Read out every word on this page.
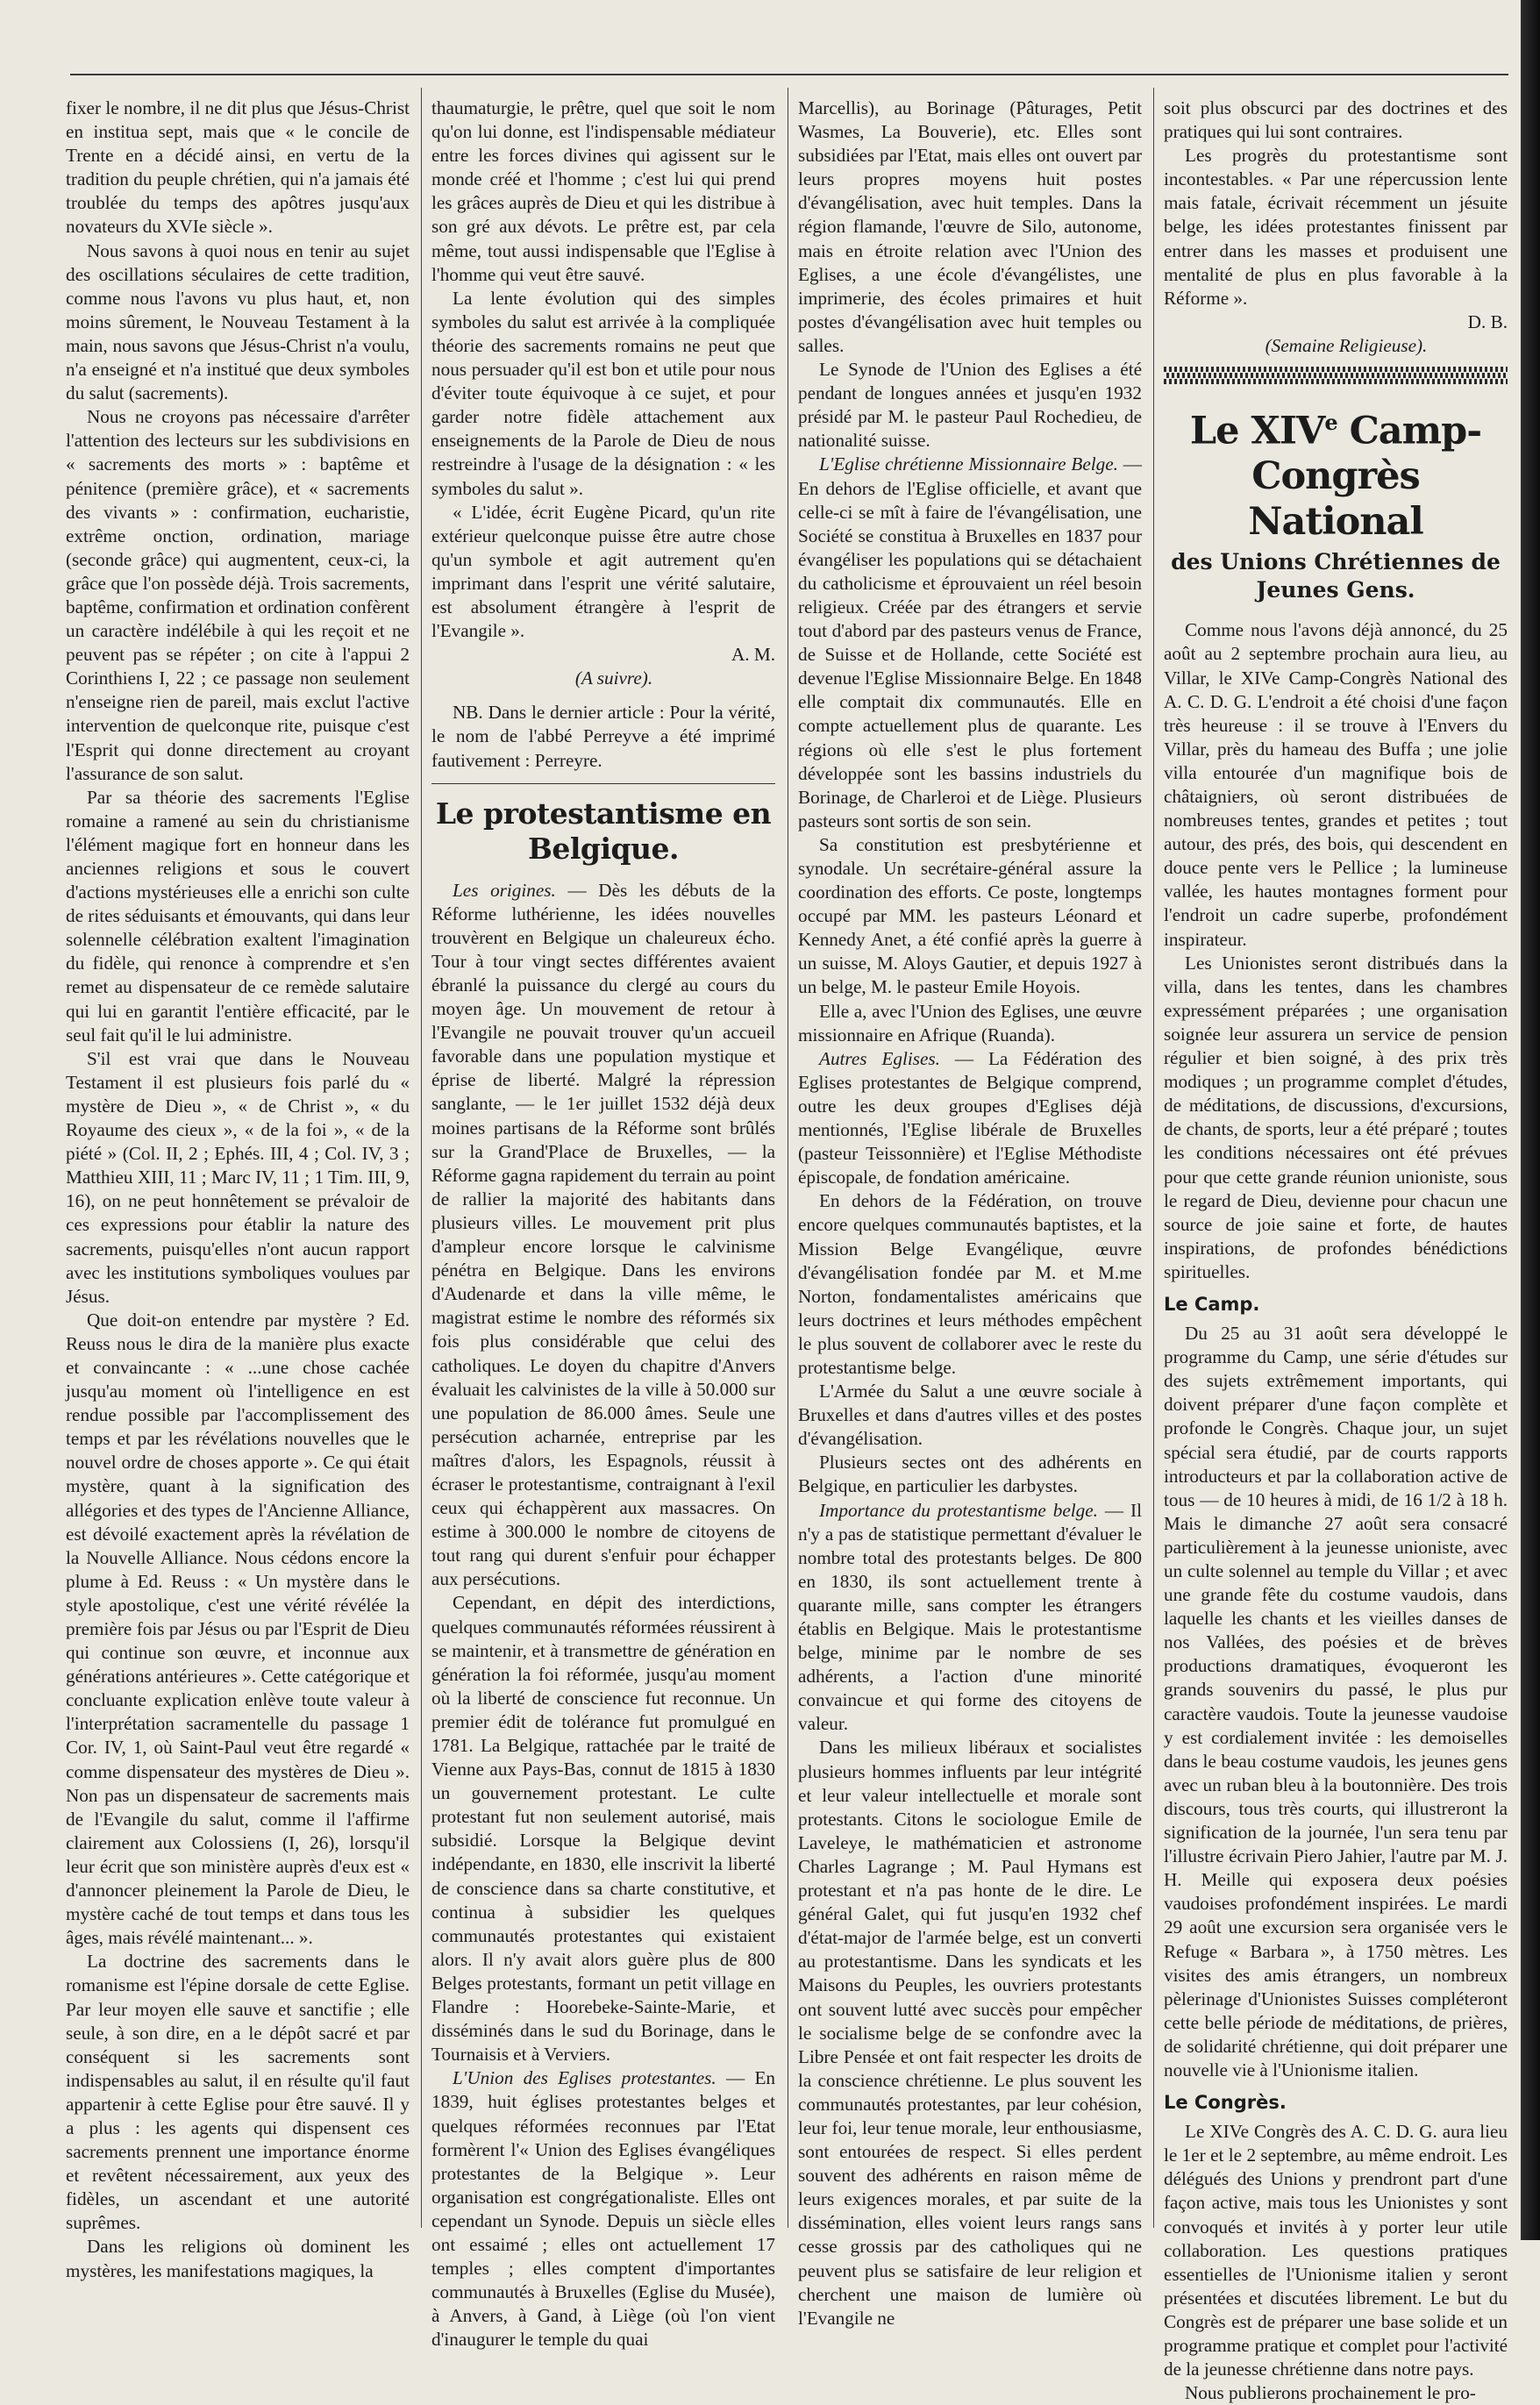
fixer le nombre, il ne dit plus que Jésus-Christ en institua sept, mais que « le concile de Trente en a décidé ainsi, en vertu de la tradition du peuple chrétien, qui n'a jamais été troublée du temps des apôtres jusqu'aux novateurs du XVIe siècle ».

Nous savons à quoi nous en tenir au sujet des oscillations séculaires de cette tradition, comme nous l'avons vu plus haut, et, non moins sûrement, le Nouveau Testament à la main, nous savons que Jésus-Christ n'a voulu, n'a enseigné et n'a institué que deux symboles du salut (sacrements).

Nous ne croyons pas nécessaire d'arrêter l'attention des lecteurs sur les subdivisions en « sacrements des morts » : baptême et pénitence (première grâce), et « sacrements des vivants » : confirmation, eucharistie, extrême onction, ordination, mariage (seconde grâce) qui augmentent, ceux-ci, la grâce que l'on possède déjà. Trois sacrements, baptême, confirmation et ordination confèrent un caractère indélébile à qui les reçoit et ne peuvent pas se répéter ; on cite à l'appui 2 Corinthiens I, 22 ; ce passage non seulement n'enseigne rien de pareil, mais exclut l'active intervention de quelconque rite, puisque c'est l'Esprit qui donne directement au croyant l'assurance de son salut.

Par sa théorie des sacrements l'Eglise romaine a ramené au sein du christianisme l'élément magique fort en honneur dans les anciennes religions et sous le couvert d'actions mystérieuses elle a enrichi son culte de rites séduisants et émouvants, qui dans leur solennelle célébration exaltent l'imagination du fidèle, qui renonce à comprendre et s'en remet au dispensateur de ce remède salutaire qui lui en garantit l'entière efficacité, par le seul fait qu'il le lui administre.

S'il est vrai que dans le Nouveau Testament il est plusieurs fois parlé du « mystère de Dieu », « de Christ », « du Royaume des cieux », « de la foi », « de la piété » (Col. II, 2 ; Ephés. III, 4 ; Col. IV, 3 ; Matthieu XIII, 11 ; Marc IV, 11 ; 1 Tim. III, 9, 16), on ne peut honnêtement se prévaloir de ces expressions pour établir la nature des sacrements, puisqu'elles n'ont aucun rapport avec les institutions symboliques voulues par Jésus.

Que doit-on entendre par mystère ? Ed. Reuss nous le dira de la manière plus exacte et convaincante : « ...une chose cachée jusqu'au moment où l'intelligence en est rendue possible par l'accomplissement des temps et par les révélations nouvelles que le nouvel ordre de choses apporte ». Ce qui était mystère, quant à la signification des allégories et des types de l'Ancienne Alliance, est dévoilé exactement après la révélation de la Nouvelle Alliance. Nous cédons encore la plume à Ed. Reuss : « Un mystère dans le style apostolique, c'est une vérité révélée la première fois par Jésus ou par l'Esprit de Dieu qui continue son œuvre, et inconnue aux générations antérieures ». Cette catégorique et concluante explication enlève toute valeur à l'interprétation sacramentelle du passage 1 Cor. IV, 1, où Saint-Paul veut être regardé « comme dispensateur des mystères de Dieu ». Non pas un dispensateur de sacrements mais de l'Evangile du salut, comme il l'affirme clairement aux Colossiens (I, 26), lorsqu'il leur écrit que son ministère auprès d'eux est « d'annoncer pleinement la Parole de Dieu, le mystère caché de tout temps et dans tous les âges, mais révélé maintenant... ».

La doctrine des sacrements dans le romanisme est l'épine dorsale de cette Eglise. Par leur moyen elle sauve et sanctifie ; elle seule, à son dire, en a le dépôt sacré et par conséquent si les sacrements sont indispensables au salut, il en résulte qu'il faut appartenir à cette Eglise pour être sauvé. Il y a plus : les agents qui dispensent ces sacrements prennent une importance énorme et revêtent nécessairement, aux yeux des fidèles, un ascendant et une autorité suprêmes.

Dans les religions où dominent les mystères, les manifestations magiques, la

thaumaturgie, le prêtre, quel que soit le nom qu'on lui donne, est l'indispensable médiateur entre les forces divines qui agissent sur le monde créé et l'homme ; c'est lui qui prend les grâces auprès de Dieu et qui les distribue à son gré aux dévots. Le prêtre est, par cela même, tout aussi indispensable que l'Eglise à l'homme qui veut être sauvé.

La lente évolution qui des simples symboles du salut est arrivée à la compliquée théorie des sacrements romains ne peut que nous persuader qu'il est bon et utile pour nous d'éviter toute équivoque à ce sujet, et pour garder notre fidèle attachement aux enseignements de la Parole de Dieu de nous restreindre à l'usage de la désignation : « les symboles du salut ».

« L'idée, écrit Eugène Picard, qu'un rite extérieur quelconque puisse être autre chose qu'un symbole et agit autrement qu'en imprimant dans l'esprit une vérité salutaire, est absolument étrangère à l'esprit de l'Evangile ».

A. M.

(A suivre).

NB. Dans le dernier article : Pour la vérité, le nom de l'abbé Perreyve a été imprimé fautivement : Perreyre.

Le protestantisme en Belgique.

Les origines. — Dès les débuts de la Réforme luthérienne, les idées nouvelles trouvèrent en Belgique un chaleureux écho. Tour à tour vingt sectes différentes avaient ébranlé la puissance du clergé au cours du moyen âge. Un mouvement de retour à l'Evangile ne pouvait trouver qu'un accueil favorable dans une population mystique et éprise de liberté. Malgré la répression sanglante, — le 1er juillet 1532 déjà deux moines partisans de la Réforme sont brûlés sur la Grand'Place de Bruxelles, — la Réforme gagna rapidement du terrain au point de rallier la majorité des habitants dans plusieurs villes. Le mouvement prit plus d'ampleur encore lorsque le calvinisme pénétra en Belgique. Dans les environs d'Audenarde et dans la ville même, le magistrat estime le nombre des réformés six fois plus considérable que celui des catholiques. Le doyen du chapitre d'Anvers évaluait les calvinistes de la ville à 50.000 sur une population de 86.000 âmes. Seule une persécution acharnée, entreprise par les maîtres d'alors, les Espagnols, réussit à écraser le protestantisme, contraignant à l'exil ceux qui échappèrent aux massacres. On estime à 300.000 le nombre de citoyens de tout rang qui durent s'enfuir pour échapper aux persécutions.

Cependant, en dépit des interdictions, quelques communautés réformées réussirent à se maintenir, et à transmettre de génération en génération la foi réformée, jusqu'au moment où la liberté de conscience fut reconnue. Un premier édit de tolérance fut promulgué en 1781. La Belgique, rattachée par le traité de Vienne aux Pays-Bas, connut de 1815 à 1830 un gouvernement protestant. Le culte protestant fut non seulement autorisé, mais subsidié. Lorsque la Belgique devint indépendante, en 1830, elle inscrivit la liberté de conscience dans sa charte constitutive, et continua à subsidier les quelques communautés protestantes qui existaient alors. Il n'y avait alors guère plus de 800 Belges protestants, formant un petit village en Flandre : Hoorebeke-Sainte-Marie, et disséminés dans le sud du Borinage, dans le Tournaisis et à Verviers.

L'Union des Eglises protestantes. — En 1839, huit églises protestantes belges et quelques réformées reconnues par l'Etat formèrent l'« Union des Eglises évangéliques protestantes de la Belgique ». Leur organisation est congrégationaliste. Elles ont cependant un Synode. Depuis un siècle elles ont essaimé ; elles ont actuellement 17 temples ; elles comptent d'importantes communautés à Bruxelles (Eglise du Musée), à Anvers, à Gand, à Liège (où l'on vient d'inaugurer le temple du quai

Marcellis), au Borinage (Pâturages, Petit Wasmes, La Bouverie), etc. Elles sont subsidiées par l'Etat, mais elles ont ouvert par leurs propres moyens huit postes d'évangélisation, avec huit temples. Dans la région flamande, l'œuvre de Silo, autonome, mais en étroite relation avec l'Union des Eglises, a une école d'évangélistes, une imprimerie, des écoles primaires et huit postes d'évangélisation avec huit temples ou salles.

Le Synode de l'Union des Eglises a été pendant de longues années et jusqu'en 1932 présidé par M. le pasteur Paul Rochedieu, de nationalité suisse.

L'Eglise chrétienne Missionnaire Belge. — En dehors de l'Eglise officielle, et avant que celle-ci se mît à faire de l'évangélisation, une Société se constitua à Bruxelles en 1837 pour évangéliser les populations qui se détachaient du catholicisme et éprouvaient un réel besoin religieux. Créée par des étrangers et servie tout d'abord par des pasteurs venus de France, de Suisse et de Hollande, cette Société est devenue l'Eglise Missionnaire Belge. En 1848 elle comptait dix communautés. Elle en compte actuellement plus de quarante. Les régions où elle s'est le plus fortement développée sont les bassins industriels du Borinage, de Charleroi et de Liège. Plusieurs pasteurs sont sortis de son sein.

Sa constitution est presbytérienne et synodale. Un secrétaire-général assure la coordination des efforts. Ce poste, longtemps occupé par MM. les pasteurs Léonard et Kennedy Anet, a été confié après la guerre à un suisse, M. Aloys Gautier, et depuis 1927 à un belge, M. le pasteur Emile Hoyois.

Elle a, avec l'Union des Eglises, une œuvre missionnaire en Afrique (Ruanda).

Autres Eglises. — La Fédération des Eglises protestantes de Belgique comprend, outre les deux groupes d'Eglises déjà mentionnés, l'Eglise libérale de Bruxelles (pasteur Teissonnière) et l'Eglise Méthodiste épiscopale, de fondation américaine.

En dehors de la Fédération, on trouve encore quelques communautés baptistes, et la Mission Belge Evangélique, œuvre d'évangélisation fondée par M. et M.me Norton, fondamentalistes américains que leurs doctrines et leurs méthodes empêchent le plus souvent de collaborer avec le reste du protestantisme belge.

L'Armée du Salut a une œuvre sociale à Bruxelles et dans d'autres villes et des postes d'évangélisation.

Plusieurs sectes ont des adhérents en Belgique, en particulier les darbystes.

Importance du protestantisme belge. — Il n'y a pas de statistique permettant d'évaluer le nombre total des protestants belges. De 800 en 1830, ils sont actuellement trente à quarante mille, sans compter les étrangers établis en Belgique. Mais le protestantisme belge, minime par le nombre de ses adhérents, a l'action d'une minorité convaincue et qui forme des citoyens de valeur.

Dans les milieux libéraux et socialistes plusieurs hommes influents par leur intégrité et leur valeur intellectuelle et morale sont protestants. Citons le sociologue Emile de Laveleye, le mathématicien et astronome Charles Lagrange ; M. Paul Hymans est protestant et n'a pas honte de le dire. Le général Galet, qui fut jusqu'en 1932 chef d'état-major de l'armée belge, est un converti au protestantisme. Dans les syndicats et les Maisons du Peuples, les ouvriers protestants ont souvent lutté avec succès pour empêcher le socialisme belge de se confondre avec la Libre Pensée et ont fait respecter les droits de la conscience chrétienne. Le plus souvent les communautés protestantes, par leur cohésion, leur foi, leur tenue morale, leur enthousiasme, sont entourées de respect. Si elles perdent souvent des adhérents en raison même de leurs exigences morales, et par suite de la dissémination, elles voient leurs rangs sans cesse grossis par des catholiques qui ne peuvent plus se satisfaire de leur religion et cherchent une maison de lumière où l'Evangile ne

soit plus obscurci par des doctrines et des pratiques qui lui sont contraires.

Les progrès du protestantisme sont incontestables. « Par une répercussion lente mais fatale, écrivait récemment un jésuite belge, les idées protestantes finissent par entrer dans les masses et produisent une mentalité de plus en plus favorable à la Réforme ».

D. B.

(Semaine Religieuse).

Le XIVe Camp-Congrès National
des Unions Chrétiennes de Jeunes Gens.

Comme nous l'avons déjà annoncé, du 25 août au 2 septembre prochain aura lieu, au Villar, le XIVe Camp-Congrès National des A. C. D. G. L'endroit a été choisi d'une façon très heureuse : il se trouve à l'Envers du Villar, près du hameau des Buffa ; une jolie villa entourée d'un magnifique bois de châtaigniers, où seront distribuées de nombreuses tentes, grandes et petites ; tout autour, des prés, des bois, qui descendent en douce pente vers le Pellice ; la lumineuse vallée, les hautes montagnes forment pour l'endroit un cadre superbe, profondément inspirateur.

Les Unionistes seront distribués dans la villa, dans les tentes, dans les chambres expressément préparées ; une organisation soignée leur assurera un service de pension régulier et bien soigné, à des prix très modiques ; un programme complet d'études, de méditations, de discussions, d'excursions, de chants, de sports, leur a été préparé ; toutes les conditions nécessaires ont été prévues pour que cette grande réunion unioniste, sous le regard de Dieu, devienne pour chacun une source de joie saine et forte, de hautes inspirations, de profondes bénédictions spirituelles.

Le Camp.

Du 25 au 31 août sera développé le programme du Camp, une série d'études sur des sujets extrêmement importants, qui doivent préparer d'une façon complète et profonde le Congrès. Chaque jour, un sujet spécial sera étudié, par de courts rapports introducteurs et par la collaboration active de tous — de 10 heures à midi, de 16 1/2 à 18 h. Mais le dimanche 27 août sera consacré particulièrement à la jeunesse unioniste, avec un culte solennel au temple du Villar ; et avec une grande fête du costume vaudois, dans laquelle les chants et les vieilles danses de nos Vallées, des poésies et de brèves productions dramatiques, évoqueront les grands souvenirs du passé, le plus pur caractère vaudois. Toute la jeunesse vaudoise y est cordialement invitée : les demoiselles dans le beau costume vaudois, les jeunes gens avec un ruban bleu à la boutonnière. Des trois discours, tous très courts, qui illustreront la signification de la journée, l'un sera tenu par l'illustre écrivain Piero Jahier, l'autre par M. J. H. Meille qui exposera deux poésies vaudoises profondément inspirées. Le mardi 29 août une excursion sera organisée vers le Refuge « Barbara », à 1750 mètres. Les visites des amis étrangers, un nombreux pèlerinage d'Unionistes Suisses compléteront cette belle période de méditations, de prières, de solidarité chrétienne, qui doit préparer une nouvelle vie à l'Unionisme italien.

Le Congrès.

Le XIVe Congrès des A. C. D. G. aura lieu le 1er et le 2 septembre, au même endroit. Les délégués des Unions y prendront part d'une façon active, mais tous les Unionistes y sont convoqués et invités à y porter leur utile collaboration. Les questions pratiques essentielles de l'Unionisme italien y seront présentées et discutées librement. Le but du Congrès est de préparer une base solide et un programme pratique et complet pour l'activité de la jeunesse chrétienne dans notre pays.

Nous publierons prochainement le pro-
